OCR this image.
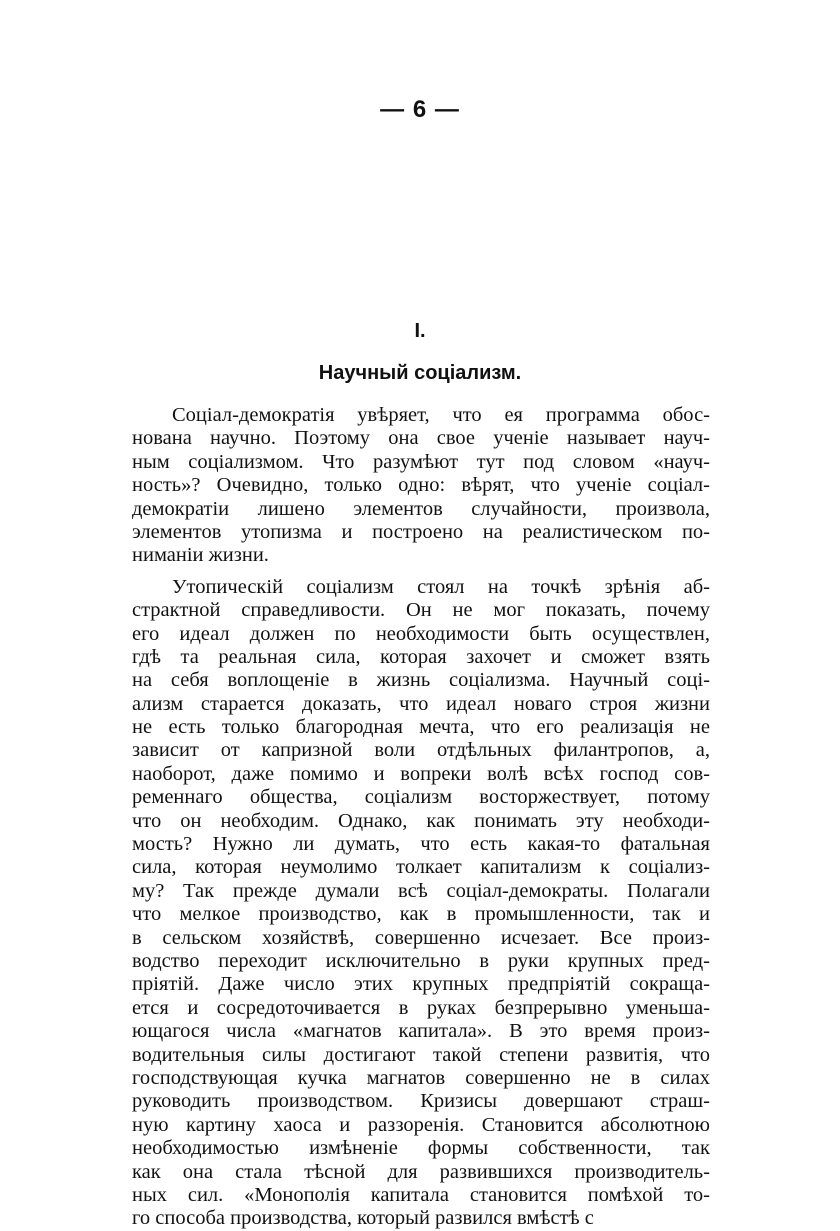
— 6 —
I.
Научный соціализм.
Соціал-демократія увѣряет, что ея программа обос-
нована научно. Поэтому она свое ученіе называет науч-
ным соціализмом. Что разумѣют тут под словом «науч-
ность»? Очевидно, только одно: вѣрят, что ученіе соціал-
демократіи лишено элементов случайности, произвола,
элементов утопизма и построено на реалистическом по-
ниманіи жизни.
Утопическій соціализм стоял на точкѣ зрѣнія аб-
страктной справедливости. Он не мог показать, почему
его идеал должен по необходимости быть осуществлен,
гдѣ та реальная сила, которая захочет и сможет взять
на себя воплощеніе в жизнь соціализма. Научный соці-
ализм старается доказать, что идеал новаго строя жизни
не есть только благородная мечта, что его реализація не
зависит от капризной воли отдѣльных филантропов, а,
наоборот, даже помимо и вопреки волѣ всѣх господ сов-
ременнаго общества, соціализм восторжествует, потому
что он необходим. Однако, как понимать эту необходи-
мость? Нужно ли думать, что есть какая-то фатальная
сила, которая неумолимо толкает капитализм к соціализ-
му? Так прежде думали всѣ соціал-демократы. Полагали
что мелкое производство, как в промышленности, так и
в сельском хозяйствѣ, совершенно исчезает. Все произ-
водство переходит исключительно в руки крупных пред-
пріятій. Даже число этих крупных предпріятій сокраща-
ется и сосредоточивается в руках безпрерывно уменьша-
ющагося числа «магнатов капитала». В это время произ-
водительныя силы достигают такой степени развитія, что
господствующая кучка магнатов совершенно не в силах
руководить производством. Кризисы довершают страш-
ную картину хаоса и раззоренія. Становится абсолютною
необходимостью измѣненіе формы собственности, так
как она стала тѣсной для развившихся производитель-
ных сил. «Монополія капитала становится помѣхой то-
го способа производства, который развился вмѣстѣ с
